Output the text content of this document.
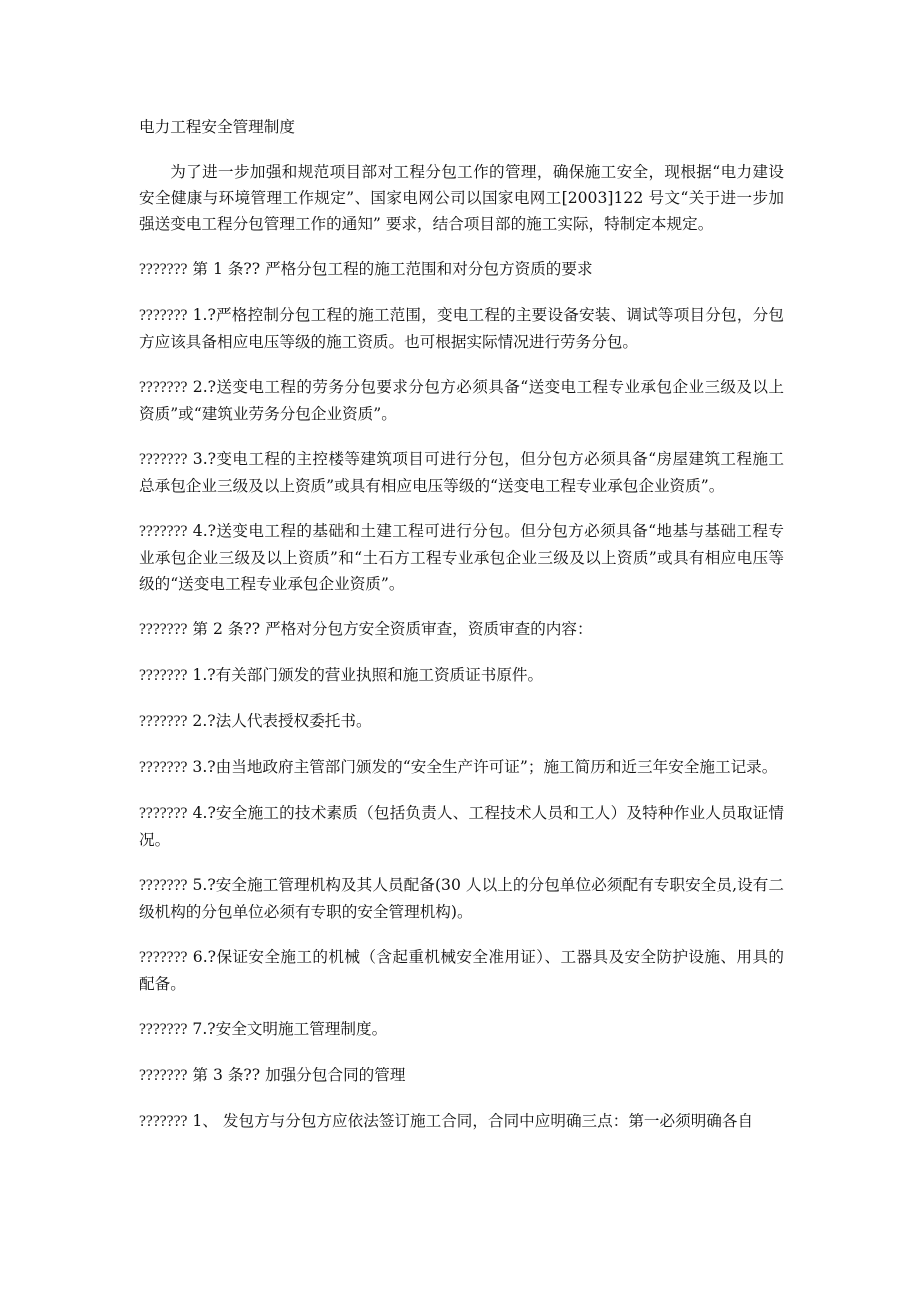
电力工程安全管理制度

为了进一步加强和规范项目部对工程分包工作的管理，确保施工安全，现根据“电力建设安全健康与环境管理工作规定”、国家电网公司以国家电网工[2003]122 号文“关于进一步加强送变电工程分包管理工作的通知” 要求，结合项目部的施工实际，特制定本规定。

??????? 第 1 条?? 严格分包工程的施工范围和对分包方资质的要求

??????? 1.?严格控制分包工程的施工范围，变电工程的主要设备安装、调试等项目分包，分包方应该具备相应电压等级的施工资质。也可根据实际情况进行劳务分包。

??????? 2.?送变电工程的劳务分包要求分包方必须具备“送变电工程专业承包企业三级及以上资质”或“建筑业劳务分包企业资质”。

??????? 3.?变电工程的主控楼等建筑项目可进行分包，但分包方必须具备“房屋建筑工程施工总承包企业三级及以上资质”或具有相应电压等级的“送变电工程专业承包企业资质”。

??????? 4.?送变电工程的基础和土建工程可进行分包。但分包方必须具备“地基与基础工程专业承包企业三级及以上资质”和“土石方工程专业承包企业三级及以上资质”或具有相应电压等级的“送变电工程专业承包企业资质”。

??????? 第 2 条?? 严格对分包方安全资质审查，资质审查的内容：

??????? 1.?有关部门颁发的营业执照和施工资质证书原件。

??????? 2.?法人代表授权委托书。

??????? 3.?由当地政府主管部门颁发的“安全生产许可证”；施工简历和近三年安全施工记录。

??????? 4.?安全施工的技术素质（包括负责人、工程技术人员和工人）及特种作业人员取证情况。

??????? 5.?安全施工管理机构及其人员配备(30 人以上的分包单位必须配有专职安全员,设有二级机构的分包单位必须有专职的安全管理机构)。

??????? 6.?保证安全施工的机械（含起重机械安全准用证）、工器具及安全防护设施、用具的配备。

??????? 7.?安全文明施工管理制度。

??????? 第 3 条?? 加强分包合同的管理

??????? 1、 发包方与分包方应依法签订施工合同，合同中应明确三点：第一必须明确各自
